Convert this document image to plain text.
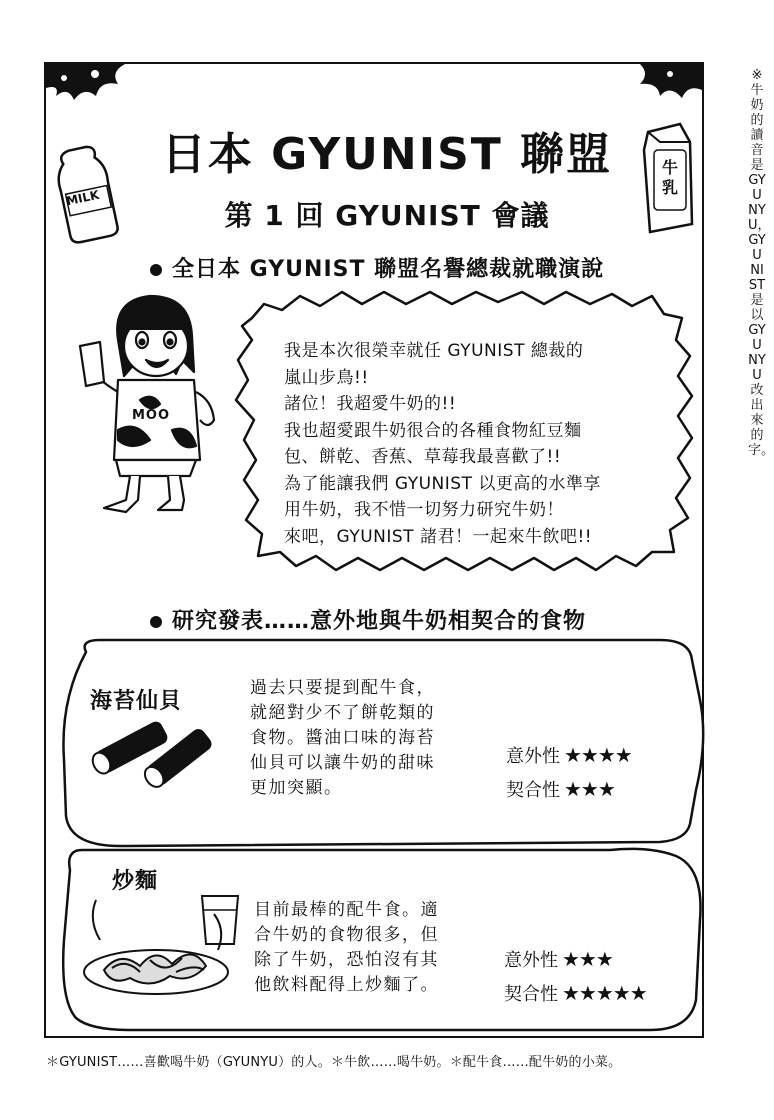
※牛奶的讀音是GYUNYU，GYUNIST是以GYUNYU改出來的字。
日本 GYUNIST 聯盟
第 1 回 GYUNIST 會議
MILK
牛乳
MOO
全日本 GYUNIST 聯盟名譽總裁就職演說
我是本次很榮幸就任 GYUNIST 總裁的
嵐山步鳥!!
諸位！我超愛牛奶的!!
我也超愛跟牛奶很合的各種食物紅豆麵
包、餅乾、香蕉、草莓我最喜歡了!!
為了能讓我們 GYUNIST 以更高的水準享
用牛奶，我不惜一切努力研究牛奶！
來吧，GYUNIST 諸君！一起來牛飲吧!!
研究發表……意外地與牛奶相契合的食物
海苔仙貝
過去只要提到配牛食，
就絕對少不了餅乾類的
食物。醬油口味的海苔
仙貝可以讓牛奶的甜味
更加突顯。
意外性 ★★★★
契合性 ★★★
炒麵
目前最棒的配牛食。適
合牛奶的食物很多，但
除了牛奶，恐怕沒有其
他飲料配得上炒麵了。
意外性 ★★★
契合性 ★★★★★
＊GYUNIST……喜歡喝牛奶（GYUNYU）的人。＊牛飲……喝牛奶。＊配牛食……配牛奶的小菜。
